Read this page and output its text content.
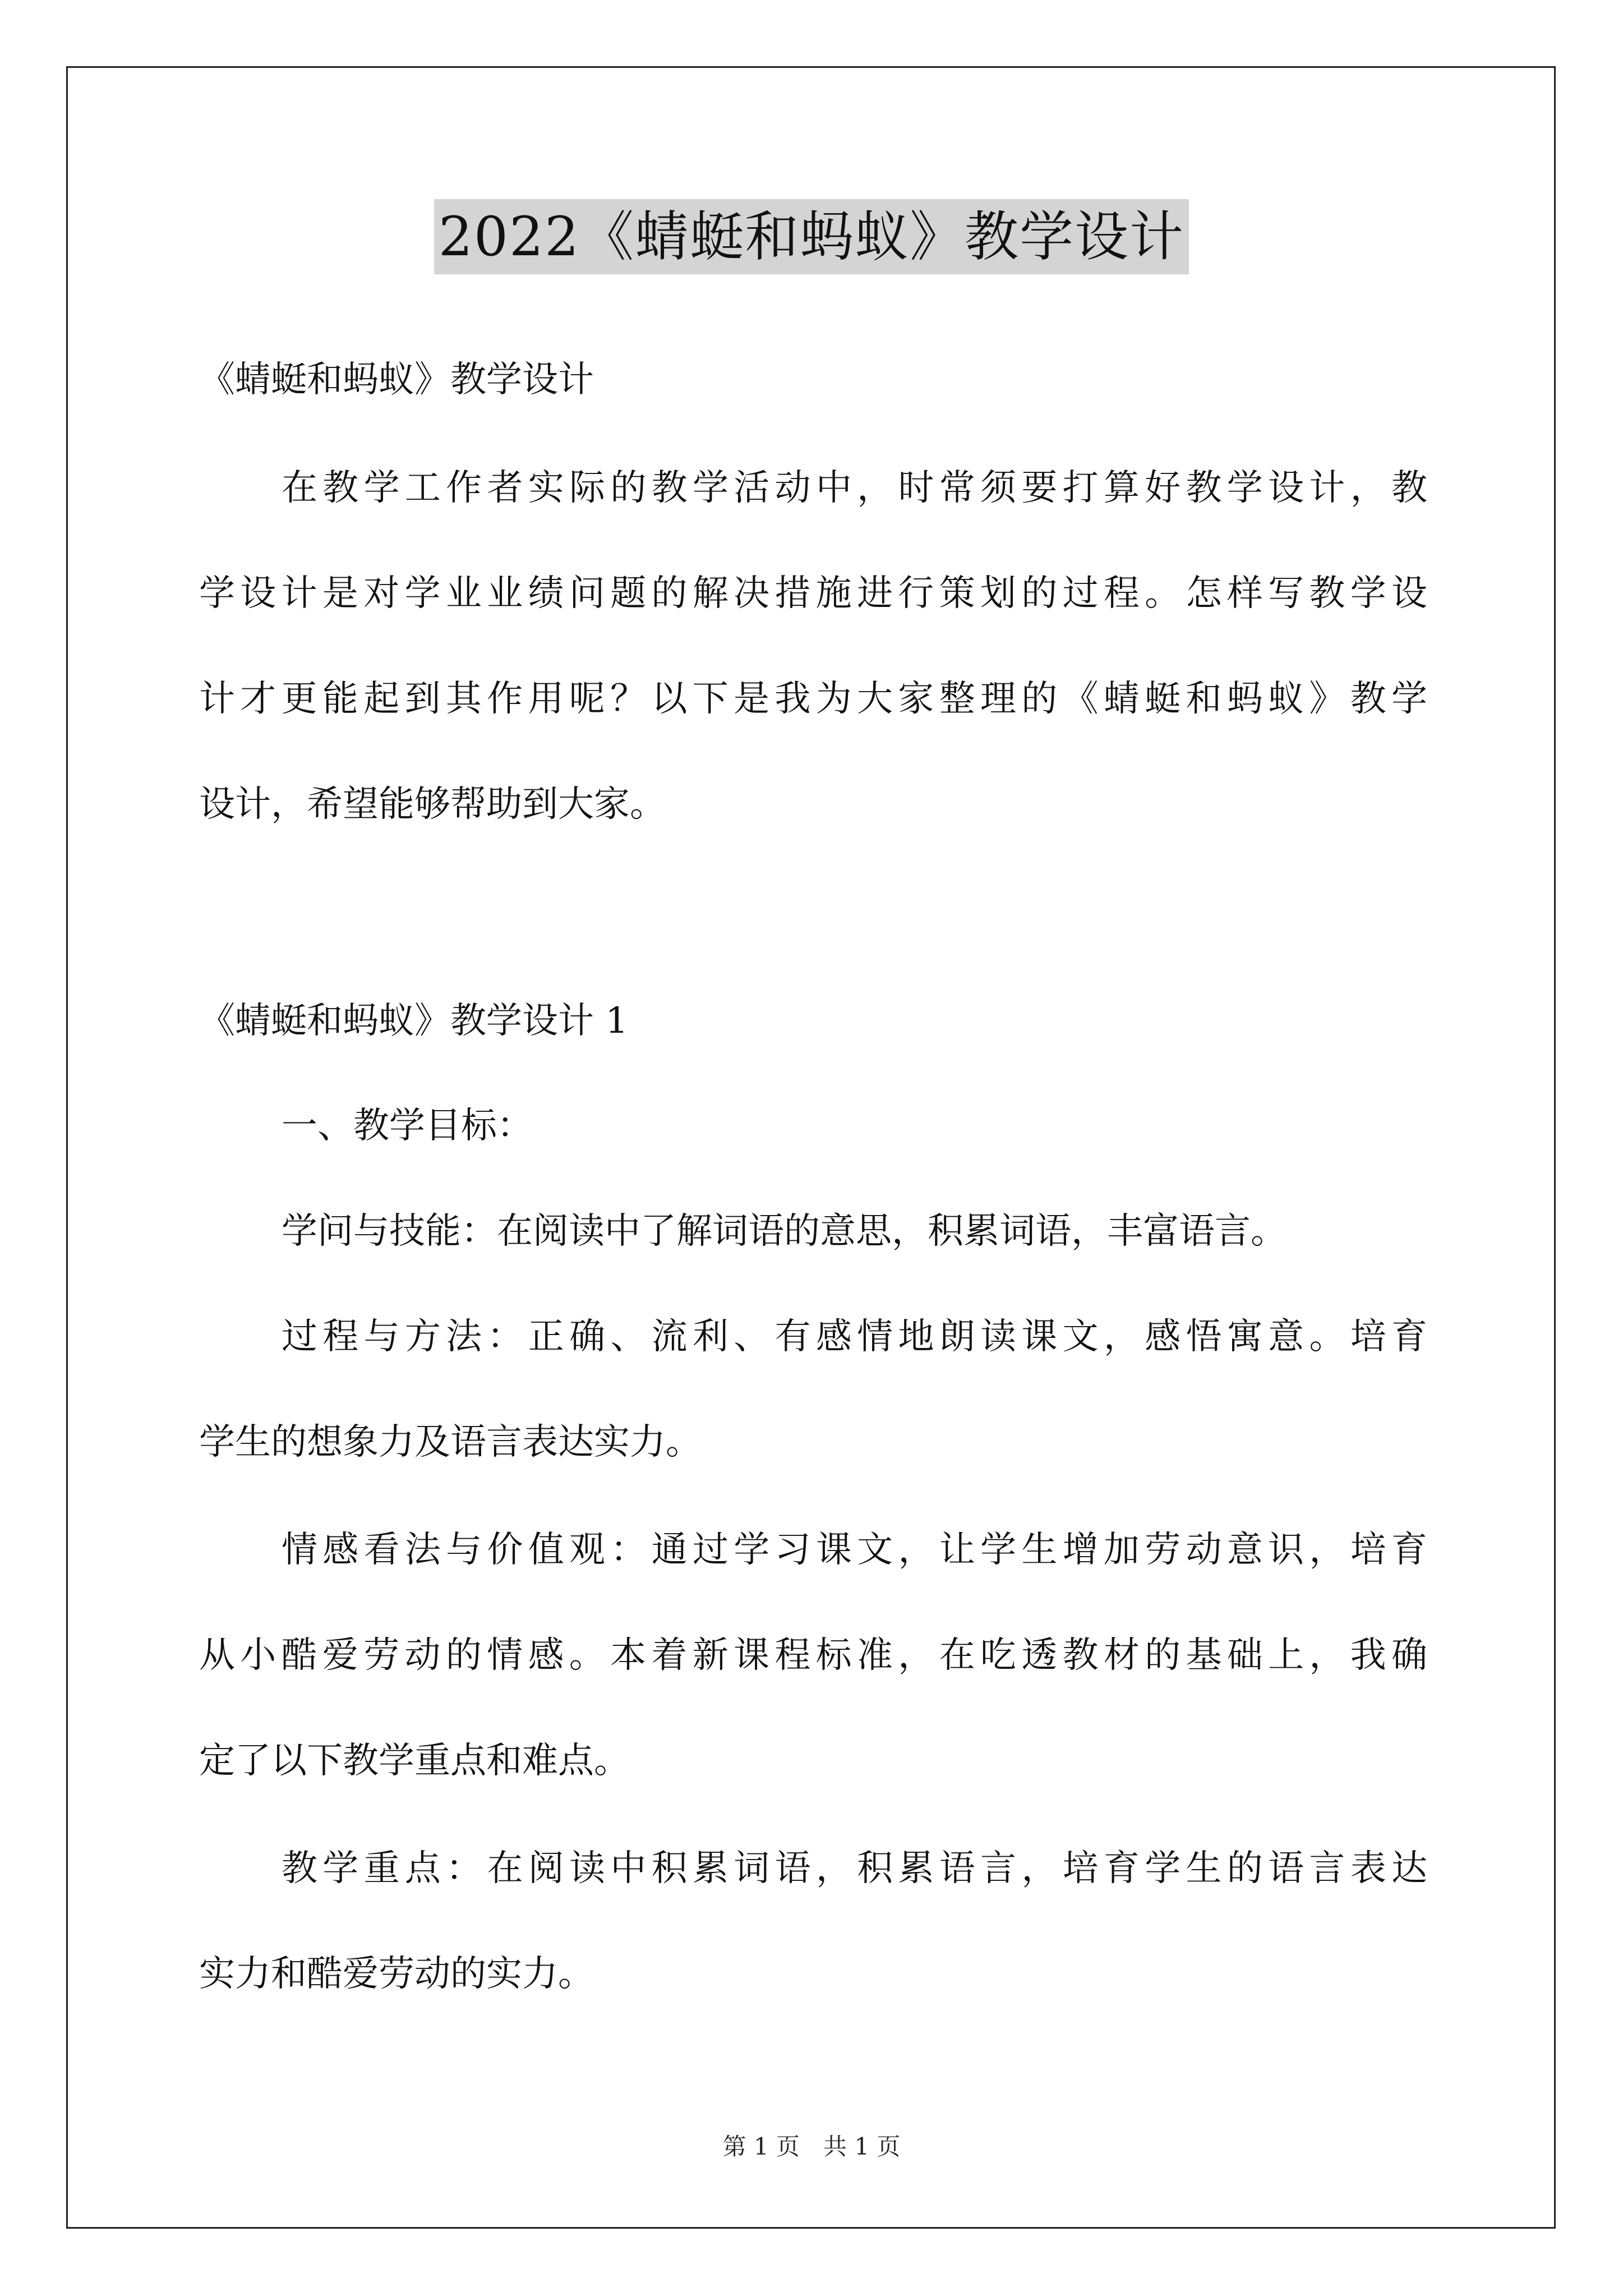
2022《蜻蜓和蚂蚁》教学设计
《蜻蜓和蚂蚁》教学设计
在教学工作者实际的教学活动中，时常须要打算好教学设计，教
学设计是对学业业绩问题的解决措施进行策划的过程。怎样写教学设
计才更能起到其作用呢？以下是我为大家整理的《蜻蜓和蚂蚁》教学
设计，希望能够帮助到大家。
《蜻蜓和蚂蚁》教学设计 1
一、教学目标：
学问与技能：在阅读中了解词语的意思，积累词语，丰富语言。
过程与方法：正确、流利、有感情地朗读课文，感悟寓意。培育
学生的想象力及语言表达实力。
情感看法与价值观：通过学习课文，让学生增加劳动意识，培育
从小酷爱劳动的情感。本着新课程标准，在吃透教材的基础上，我确
定了以下教学重点和难点。
教学重点：在阅读中积累词语，积累语言，培育学生的语言表达
实力和酷爱劳动的实力。
第 1 页　共 1 页
